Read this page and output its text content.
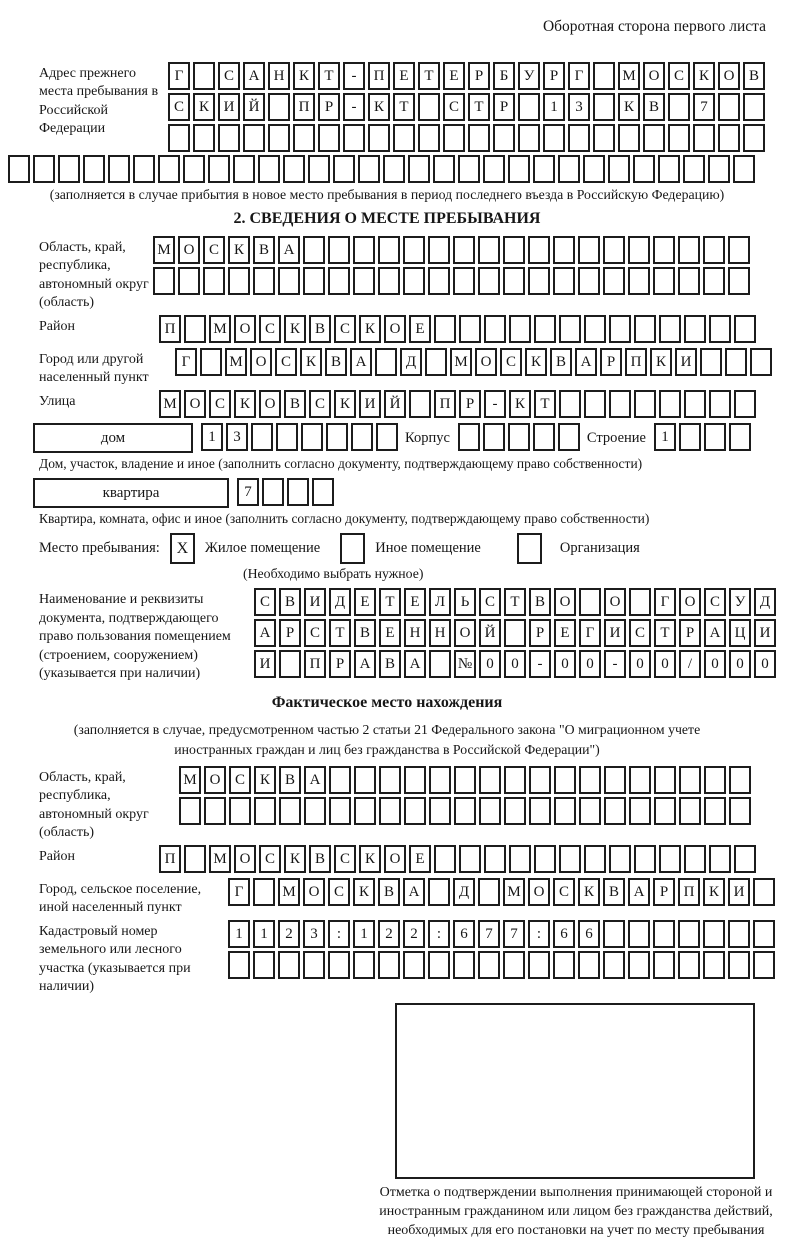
Оборотная сторона первого листа
Адрес прежнего места пребывания в Российской Федерации
Г	С А Н К	Т	-	П Е	Т	Е	Р	Б	У	Р	Г	М О С К О В
С К И Й	П	Р	-	К	Т	С	Т	Р	1	3	К В	7
(заполняется в случае прибытия в новое место пребывания в период последнего въезда в Российскую Федерацию)
2. СВЕДЕНИЯ О МЕСТЕ ПРЕБЫВАНИЯ
Область, край, республика, автономный округ (область)
М О С К В А
Район	П	М О С К В С К О Е
Город или другой населенный пункт
Г	М О С К В А	Д	М О С К В А	Р	П К И
Улица	М О С К О В С К И Й	П	Р	-	К	Т
дом	1	3	Корпус	Строение	1
Дом, участок, владение и иное (заполнить согласно документу, подтверждающему право собственности)
квартира	7
Квартира, комната, офис и иное (заполнить согласно документу, подтверждающему право собственности)
Место пребывания:	X	Жилое помещение	Иное помещение	Организация
(Необходимо выбрать нужное)
Наименование и реквизиты документа, подтверждающего право пользования помещением (строением, сооружением) (указывается при наличии)
С В И Д	Е	Т	Е	Л	Ь	С	Т	В О	О	Г	О С У Д
А	Р	С	Т	В	Е	Н Н О Й	Р	Е	Г	И С	Т	Р	А Ц И
И	П	Р	А В А	№ 0	0	-	0	0	-	0	0	/	0	0	0
Фактическое место нахождения
(заполняется в случае, предусмотренном частью 2 статьи 21 Федерального закона "О миграционном учете иностранных граждан и лиц без гражданства в Российской Федерации")
Область, край, республика, автономный округ (область)
М О С К В А
Район	П	М О С К В С К О Е
Город, сельское поселение, иной населенный пункт
Г	М О С К В А	Д	М О С К В А	Р	П К И
Кадастровый номер земельного или лесного участка (указывается при наличии)
1	1	2	3	:	1	2	2	:	6	7	7	:	6	6
Отметка о подтверждении выполнения принимающей стороной и иностранным гражданином или лицом без гражданства действий, необходимых для его постановки на учет по месту пребывания
